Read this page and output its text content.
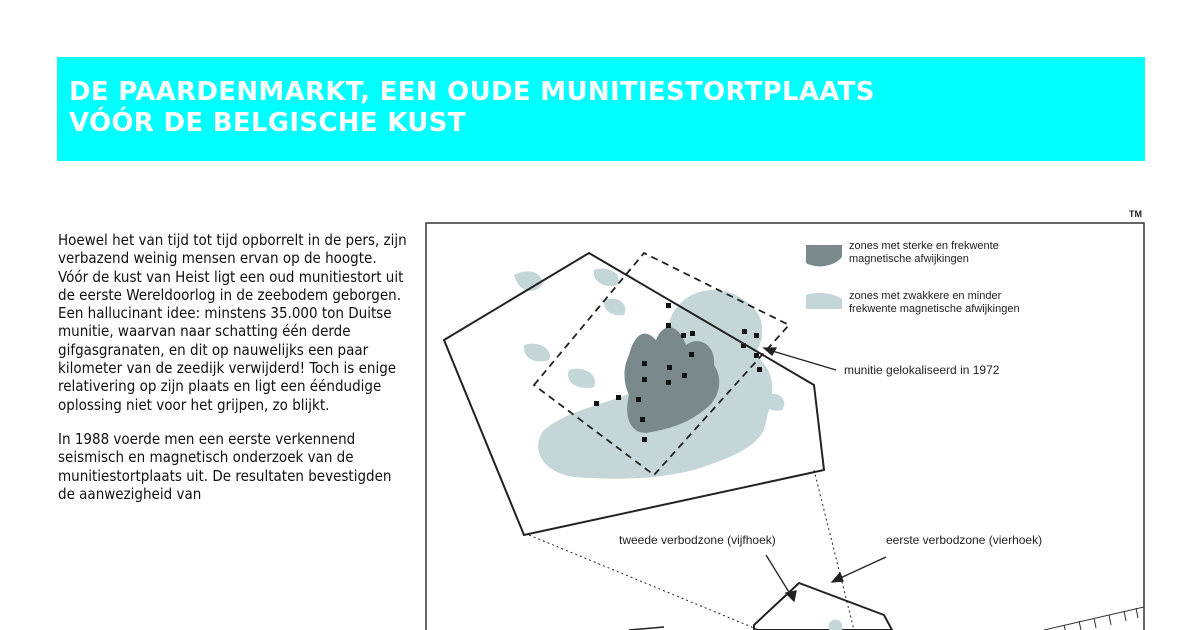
DE PAARDENMARKT, EEN OUDE MUNITIESTORTPLAATS
VÓÓR DE BELGISCHE KUST

Hoewel het van tijd tot tijd opborrelt in de pers, zijn verbazend weinig mensen ervan op de hoogte. Vóór de kust van Heist ligt een oud munitiestort uit de eerste Wereldoorlog in de zeebodem geborgen. Een hallucinant idee: minstens 35.000 ton Duitse munitie, waarvan naar schatting één derde gifgasgranaten, en dit op nauwelijks een paar kilometer van de zeedijk verwijderd! Toch is enige relativering op zijn plaats en ligt een ééndudige oplossing niet voor het grijpen, zo blijkt.

In 1988 voerde men een eerste verkennend seismisch en magnetisch onderzoek van de munitiestortplaats uit. De resultaten bevestigden de aanwezigheid van

TM
zones met sterke en frekwente
magnetische afwijkingen
zones met zwakkere en minder
frekwente magnetische afwijkingen
munitie gelokaliseerd in 1972
tweede verbodzone (vijfhoek)	eerste verbodzone (vierhoek)
